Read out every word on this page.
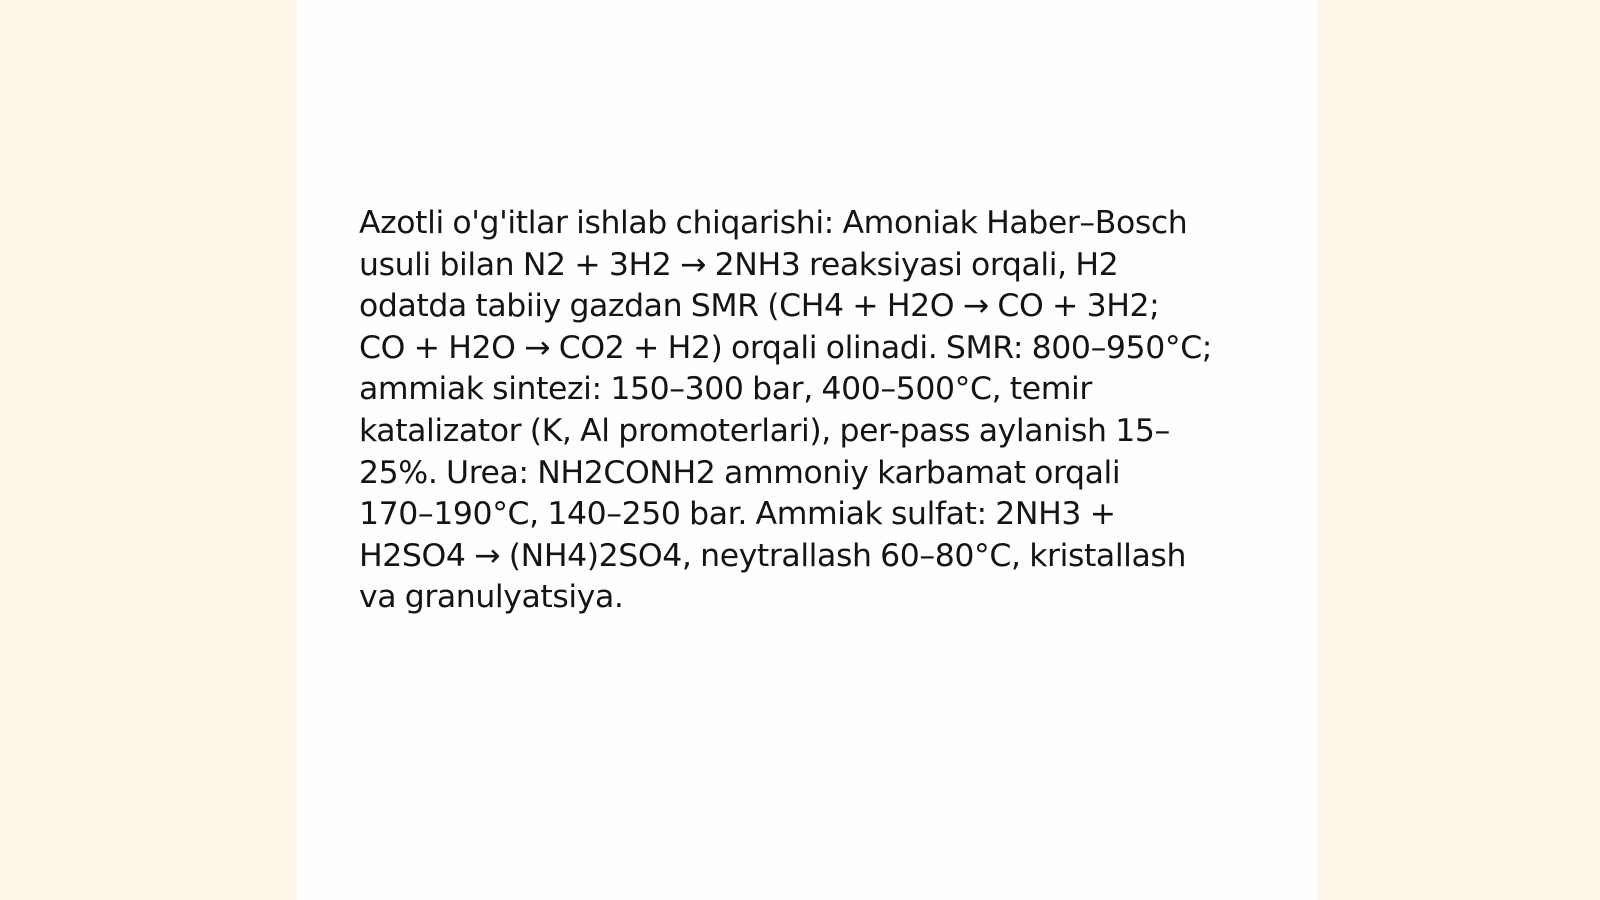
Azotli o'g'itlar ishlab chiqarishi: Amoniak Haber–Bosch
usuli bilan N2 + 3H2 → 2NH3 reaksiyasi orqali, H2
odatda tabiiy gazdan SMR (CH4 + H2O → CO + 3H2;
CO + H2O → CO2 + H2) orqali olinadi. SMR: 800–950°C;
ammiak sintezi: 150–300 bar, 400–500°C, temir
katalizator (K, Al promoterlari), per-pass aylanish 15–
25%. Urea: NH2CONH2 ammoniy karbamat orqali
170–190°C, 140–250 bar. Ammiak sulfat: 2NH3 +
H2SO4 → (NH4)2SO4, neytrallash 60–80°C, kristallash
va granulyatsiya.
